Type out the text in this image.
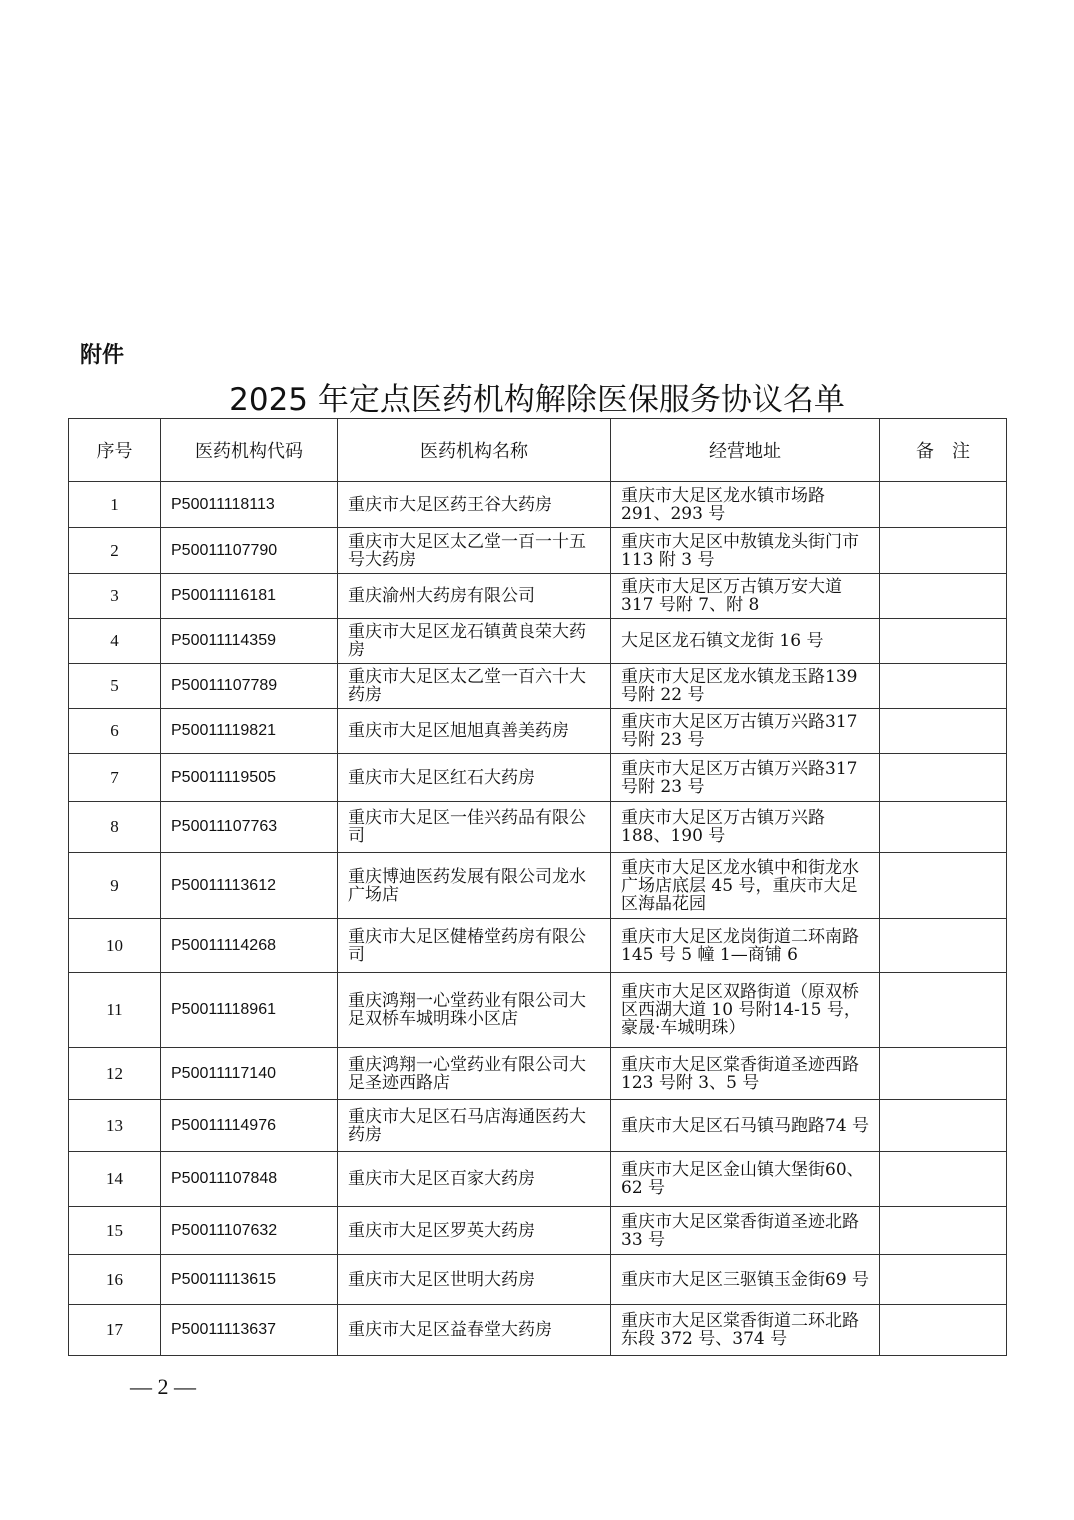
附件
2025 年定点医药机构解除医保服务协议名单
序号	医药机构代码	医药机构名称	经营地址	备　注
1	P50011118113	重庆市大足区药王谷大药房	重庆市大足区龙水镇市场路291、293 号	
2	P50011107790	重庆市大足区太乙堂一百一十五号大药房	重庆市大足区中敖镇龙头街门市 113 附 3 号	
3	P50011116181	重庆渝州大药房有限公司	重庆市大足区万古镇万安大道 317 号附 7、附 8	
4	P50011114359	重庆市大足区龙石镇黄良荣大药房	大足区龙石镇文龙街 16 号	
5	P50011107789	重庆市大足区太乙堂一百六十大药房	重庆市大足区龙水镇龙玉路139 号附 22 号	
6	P50011119821	重庆市大足区旭旭真善美药房	重庆市大足区万古镇万兴路317 号附 23 号	
7	P50011119505	重庆市大足区红石大药房	重庆市大足区万古镇万兴路317 号附 23 号	
8	P50011107763	重庆市大足区一佳兴药品有限公司	重庆市大足区万古镇万兴路188、190 号	
9	P50011113612	重庆博迪医药发展有限公司龙水广场店	重庆市大足区龙水镇中和街龙水广场店底层 45 号，重庆市大足区海晶花园	
10	P50011114268	重庆市大足区健椿堂药房有限公司	重庆市大足区龙岗街道二环南路 145 号 5 幢 1—商铺 6	
11	P50011118961	重庆鸿翔一心堂药业有限公司大足双桥车城明珠小区店	重庆市大足区双路街道（原双桥区西湖大道 10 号附14-15 号，豪晟·车城明珠）	
12	P50011117140	重庆鸿翔一心堂药业有限公司大足圣迹西路店	重庆市大足区棠香街道圣迹西路 123 号附 3、5 号	
13	P50011114976	重庆市大足区石马店海通医药大药房	重庆市大足区石马镇马跑路74 号	
14	P50011107848	重庆市大足区百家大药房	重庆市大足区金山镇大堡街60、62 号	
15	P50011107632	重庆市大足区罗英大药房	重庆市大足区棠香街道圣迹北路 33 号	
16	P50011113615	重庆市大足区世明大药房	重庆市大足区三驱镇玉金街69 号	
17	P50011113637	重庆市大足区益春堂大药房	重庆市大足区棠香街道二环北路东段 372 号、374 号	
— 2 —
